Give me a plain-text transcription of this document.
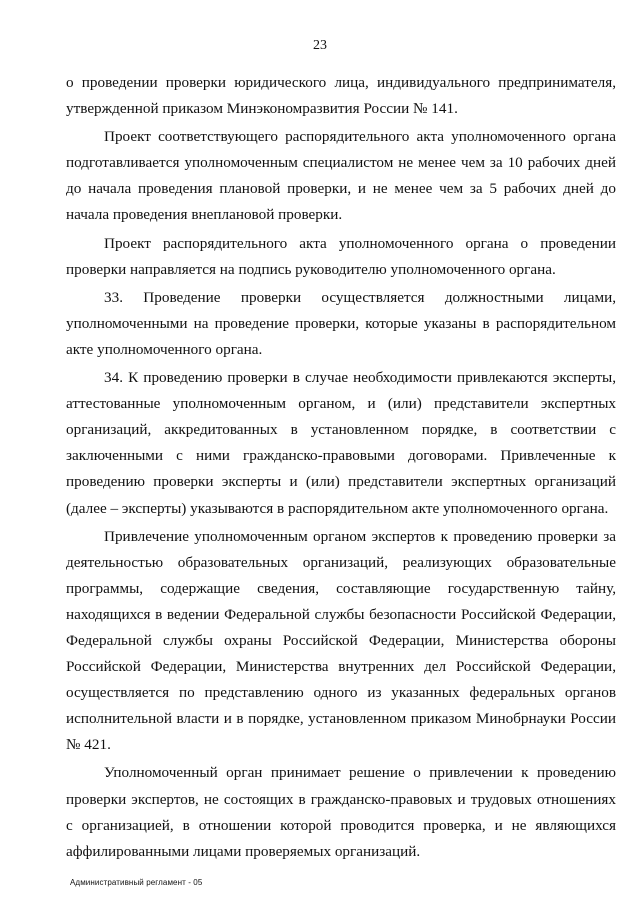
23

о проведении проверки юридического лица, индивидуального предпринимателя, утвержденной приказом Минэкономразвития России № 141.

Проект соответствующего распорядительного акта уполномоченного органа подготавливается уполномоченным специалистом не менее чем за 10 рабочих дней до начала проведения плановой проверки, и не менее чем за 5 рабочих дней до начала проведения внеплановой проверки.

Проект распорядительного акта уполномоченного органа о проведении проверки направляется на подпись руководителю уполномоченного органа.

33. Проведение проверки осуществляется должностными лицами, уполномоченными на проведение проверки, которые указаны в распорядительном акте уполномоченного органа.

34. К проведению проверки в случае необходимости привлекаются эксперты, аттестованные уполномоченным органом, и (или) представители экспертных организаций, аккредитованных в установленном порядке, в соответствии с заключенными с ними гражданско-правовыми договорами. Привлеченные к проведению проверки эксперты и (или) представители экспертных организаций (далее – эксперты) указываются в распорядительном акте уполномоченного органа.

Привлечение уполномоченным органом экспертов к проведению проверки за деятельностью образовательных организаций, реализующих образовательные программы, содержащие сведения, составляющие государственную тайну, находящихся в ведении Федеральной службы безопасности Российской Федерации, Федеральной службы охраны Российской Федерации, Министерства обороны Российской Федерации, Министерства внутренних дел Российской Федерации, осуществляется по представлению одного из указанных федеральных органов исполнительной власти и в порядке, установленном приказом Минобрнауки России № 421.

Уполномоченный орган принимает решение о привлечении к проведению проверки экспертов, не состоящих в гражданско-правовых и трудовых отношениях с организацией, в отношении которой проводится проверка, и не являющихся аффилированными лицами проверяемых организаций.

Административный регламент - 05
